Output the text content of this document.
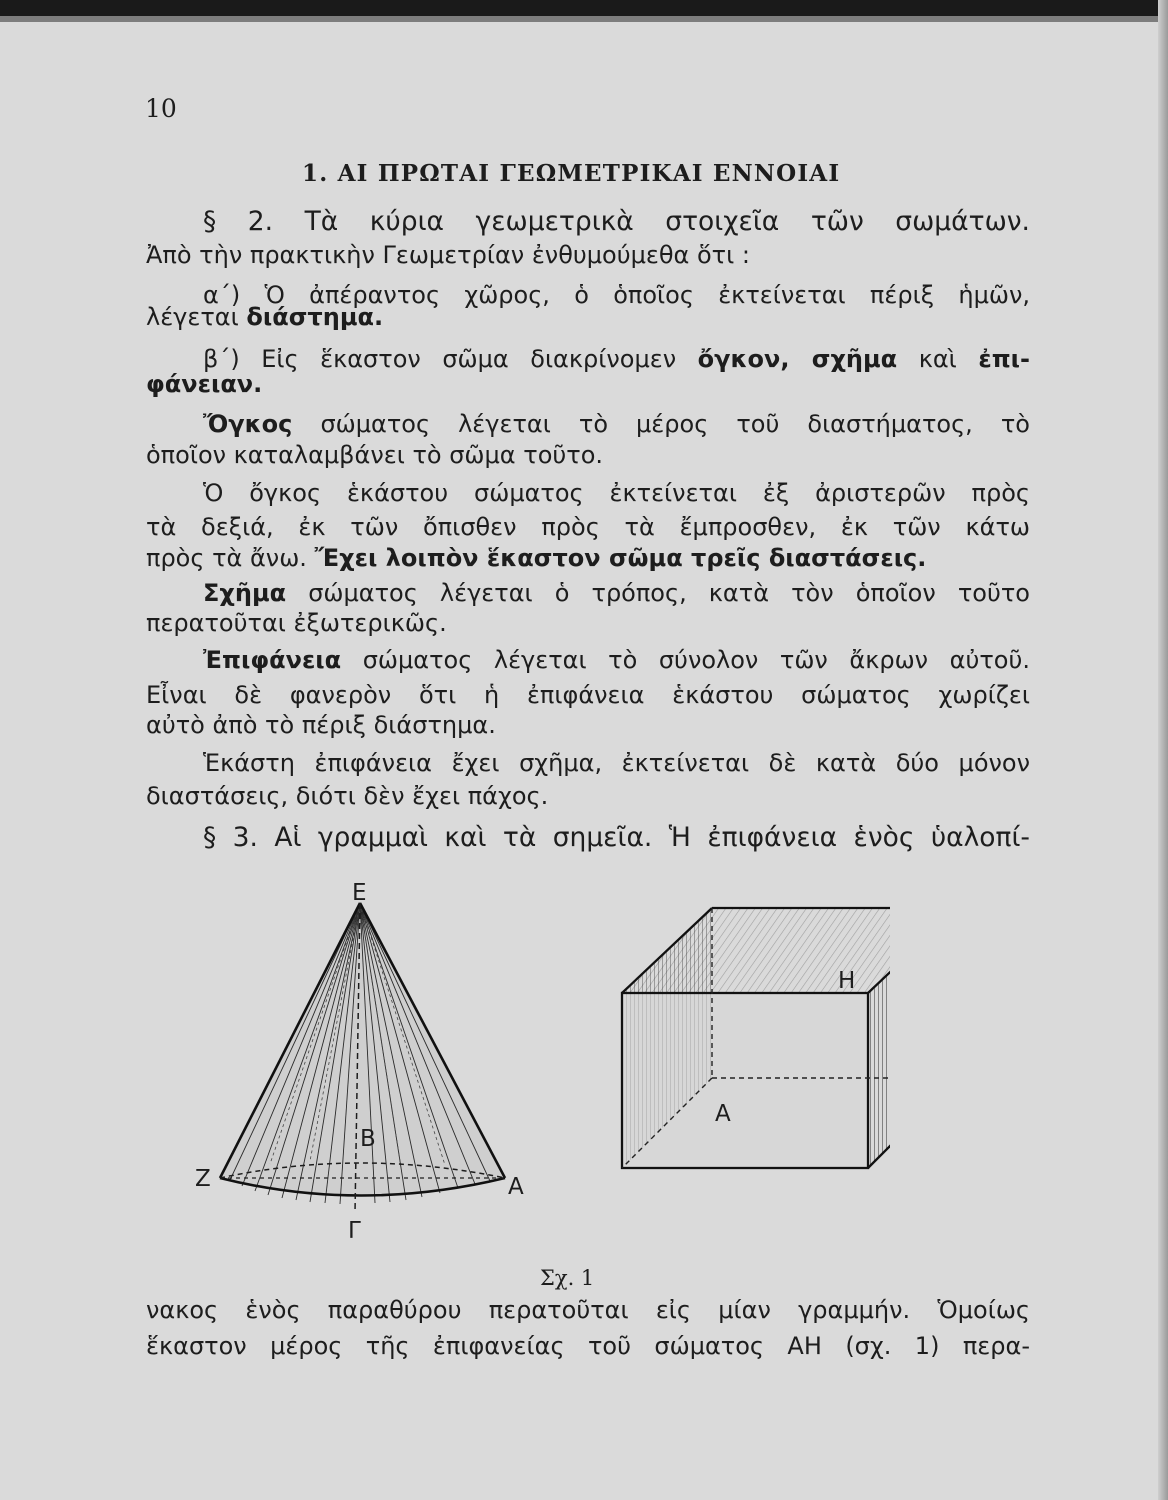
10
1. ΑΙ ΠΡΩΤΑΙ ΓΕΩΜΕΤΡΙΚΑΙ ΕΝΝΟΙΑΙ
§ 2. Τὰ κύρια γεωμετρικὰ στοιχεῖα τῶν σωμάτων.
Ἀπὸ τὴν πρακτικὴν Γεωμετρίαν ἐνθυμούμεθα ὅτι :
α΄) Ὁ ἀπέραντος χῶρος, ὁ ὁποῖος ἐκτείνεται πέριξ ἡμῶν,
λέγεται διάστημα.
β΄) Εἰς ἕκαστον σῶμα διακρίνομεν ὄγκον, σχῆμα καὶ ἐπι-
φάνειαν.
Ὄγκος σώματος λέγεται τὸ μέρος τοῦ διαστήματος, τὸ
ὁποῖον καταλαμβάνει τὸ σῶμα τοῦτο.
Ὁ ὄγκος ἑκάστου σώματος ἐκτείνεται ἐξ ἀριστερῶν πρὸς
τὰ δεξιά, ἐκ τῶν ὄπισθεν πρὸς τὰ ἔμπροσθεν, ἐκ τῶν κάτω
πρὸς τὰ ἄνω. Ἔχει λοιπὸν ἕκαστον σῶμα τρεῖς διαστάσεις.
Σχῆμα σώματος λέγεται ὁ τρόπος, κατὰ τὸν ὁποῖον τοῦτο
περατοῦται ἐξωτερικῶς.
Ἐπιφάνεια σώματος λέγεται τὸ σύνολον τῶν ἄκρων αὐτοῦ.
Εἶναι δὲ φανερὸν ὅτι ἡ ἐπιφάνεια ἑκάστου σώματος χωρίζει
αὐτὸ ἀπὸ τὸ πέριξ διάστημα.
Ἑκάστη ἐπιφάνεια ἔχει σχῆμα, ἐκτείνεται δὲ κατὰ δύο μόνον
διαστάσεις, διότι δὲν ἔχει πάχος.
§ 3. Αἱ γραμμαὶ καὶ τὰ σημεῖα. Ἡ ἐπιφάνεια ἑνὸς ὑαλοπί-
E
B
Z	A
Γ
H
A
Σχ. 1
νακος ἑνὸς παραθύρου περατοῦται εἰς μίαν γραμμήν. Ὁμοίως
ἕκαστον μέρος τῆς ἐπιφανείας τοῦ σώματος ΑΗ (σχ. 1) περα-
